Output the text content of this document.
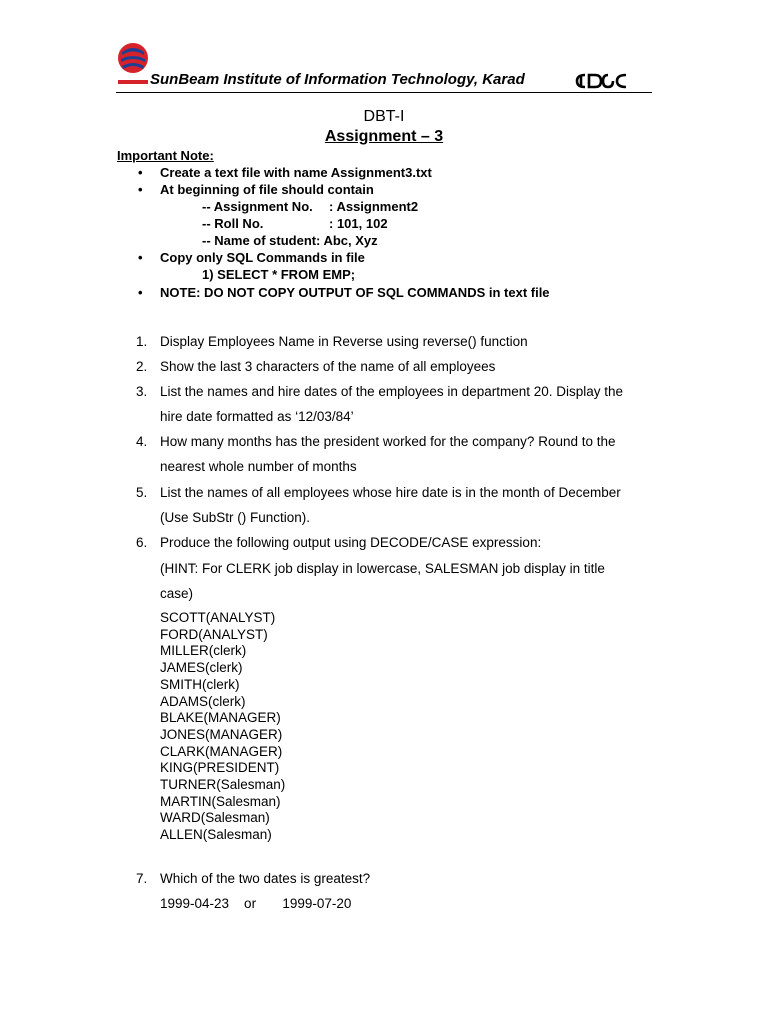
SunBeam Institute of Information Technology, Karad
DBT-I
Assignment – 3
Important Note:
• Create a text file with name Assignment3.txt
• At beginning of file should contain
-- Assignment No. : Assignment2
-- Roll No.	: 101, 102
-- Name of student : Abc, Xyz
• Copy only SQL Commands in file
1) SELECT * FROM EMP;
• NOTE: DO NOT COPY OUTPUT OF SQL COMMANDS in text file
1. Display Employees Name in Reverse using reverse() function
2. Show the last 3 characters of the name of all employees
3. List the names and hire dates of the employees in department 20. Display the
hire date formatted as ‘12/03/84’
4. How many months has the president worked for the company? Round to the
nearest whole number of months
5. List the names of all employees whose hire date is in the month of December
(Use SubStr () Function).
6. Produce the following output using DECODE/CASE expression:
(HINT: For CLERK job display in lowercase, SALESMAN job display in title
case)
SCOTT(ANALYST)
FORD(ANALYST)
MILLER(clerk)
JAMES(clerk)
SMITH(clerk)
ADAMS(clerk)
BLAKE(MANAGER)
JONES(MANAGER)
CLARK(MANAGER)
KING(PRESIDENT)
TURNER(Salesman)
MARTIN(Salesman)
WARD(Salesman)
ALLEN(Salesman)
7. Which of the two dates is greatest?
1999-04-23    or       1999-07-20
